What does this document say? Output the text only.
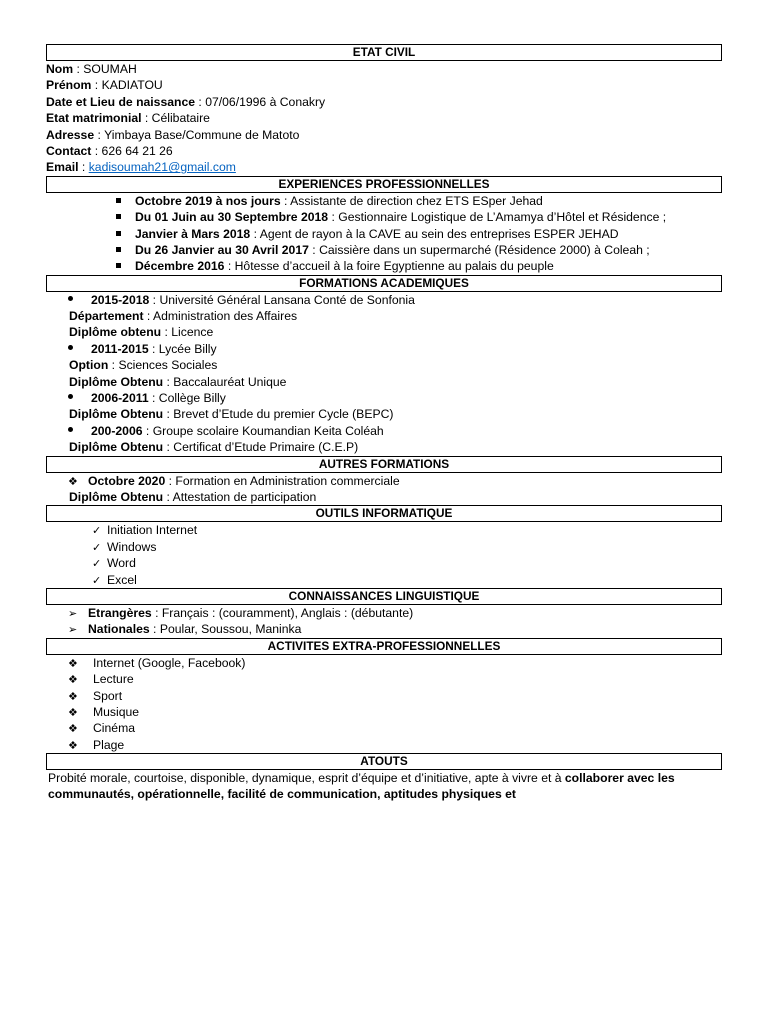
ETAT CIVIL
Nom : SOUMAH
Prénom : KADIATOU
Date et Lieu de naissance : 07/06/1996 à Conakry
Etat matrimonial : Célibataire
Adresse : Yimbaya Base/Commune de Matoto
Contact : 626 64 21 26
Email : kadisoumah21@gmail.com
EXPERIENCES PROFESSIONNELLES
Octobre 2019 à nos jours : Assistante de direction chez ETS ESper Jehad
Du 01 Juin au 30 Septembre 2018 : Gestionnaire Logistique de L’Amamya d’Hôtel et Résidence ;
Janvier à Mars 2018 : Agent de rayon à la CAVE au sein des entreprises ESPER JEHAD
Du 26 Janvier au 30 Avril 2017 : Caissière dans un supermarché (Résidence 2000) à Coleah ;
Décembre 2016 : Hôtesse d’accueil à la foire Egyptienne au palais du peuple
FORMATIONS ACADEMIQUES
2015-2018 : Université Général Lansana Conté de Sonfonia
Département : Administration des Affaires
Diplôme obtenu : Licence
2011-2015 : Lycée Billy
Option : Sciences Sociales
Diplôme Obtenu : Baccalauréat Unique
2006-2011 : Collège Billy
Diplôme Obtenu : Brevet d’Etude du premier Cycle (BEPC)
200-2006 : Groupe scolaire Koumandian Keita Coléah
Diplôme Obtenu : Certificat d’Etude Primaire (C.E.P)
AUTRES FORMATIONS
❖ Octobre 2020 : Formation en Administration commerciale
Diplôme Obtenu : Attestation de participation
OUTILS INFORMATIQUE
✓ Initiation Internet
✓ Windows
✓ Word
✓ Excel
CONNAISSANCES LINGUISTIQUE
➢ Etrangères : Français : (couramment), Anglais : (débutante)
➢ Nationales : Poular, Soussou, Maninka
ACTIVITES EXTRA-PROFESSIONNELLES
❖ Internet (Google, Facebook)
❖ Lecture
❖ Sport
❖ Musique
❖ Cinéma
❖ Plage
ATOUTS
Probité morale, courtoise, disponible, dynamique, esprit d’équipe et d’initiative, apte à vivre et à collaborer avec les communautés, opérationnelle, facilité de communication, aptitudes physiques et
